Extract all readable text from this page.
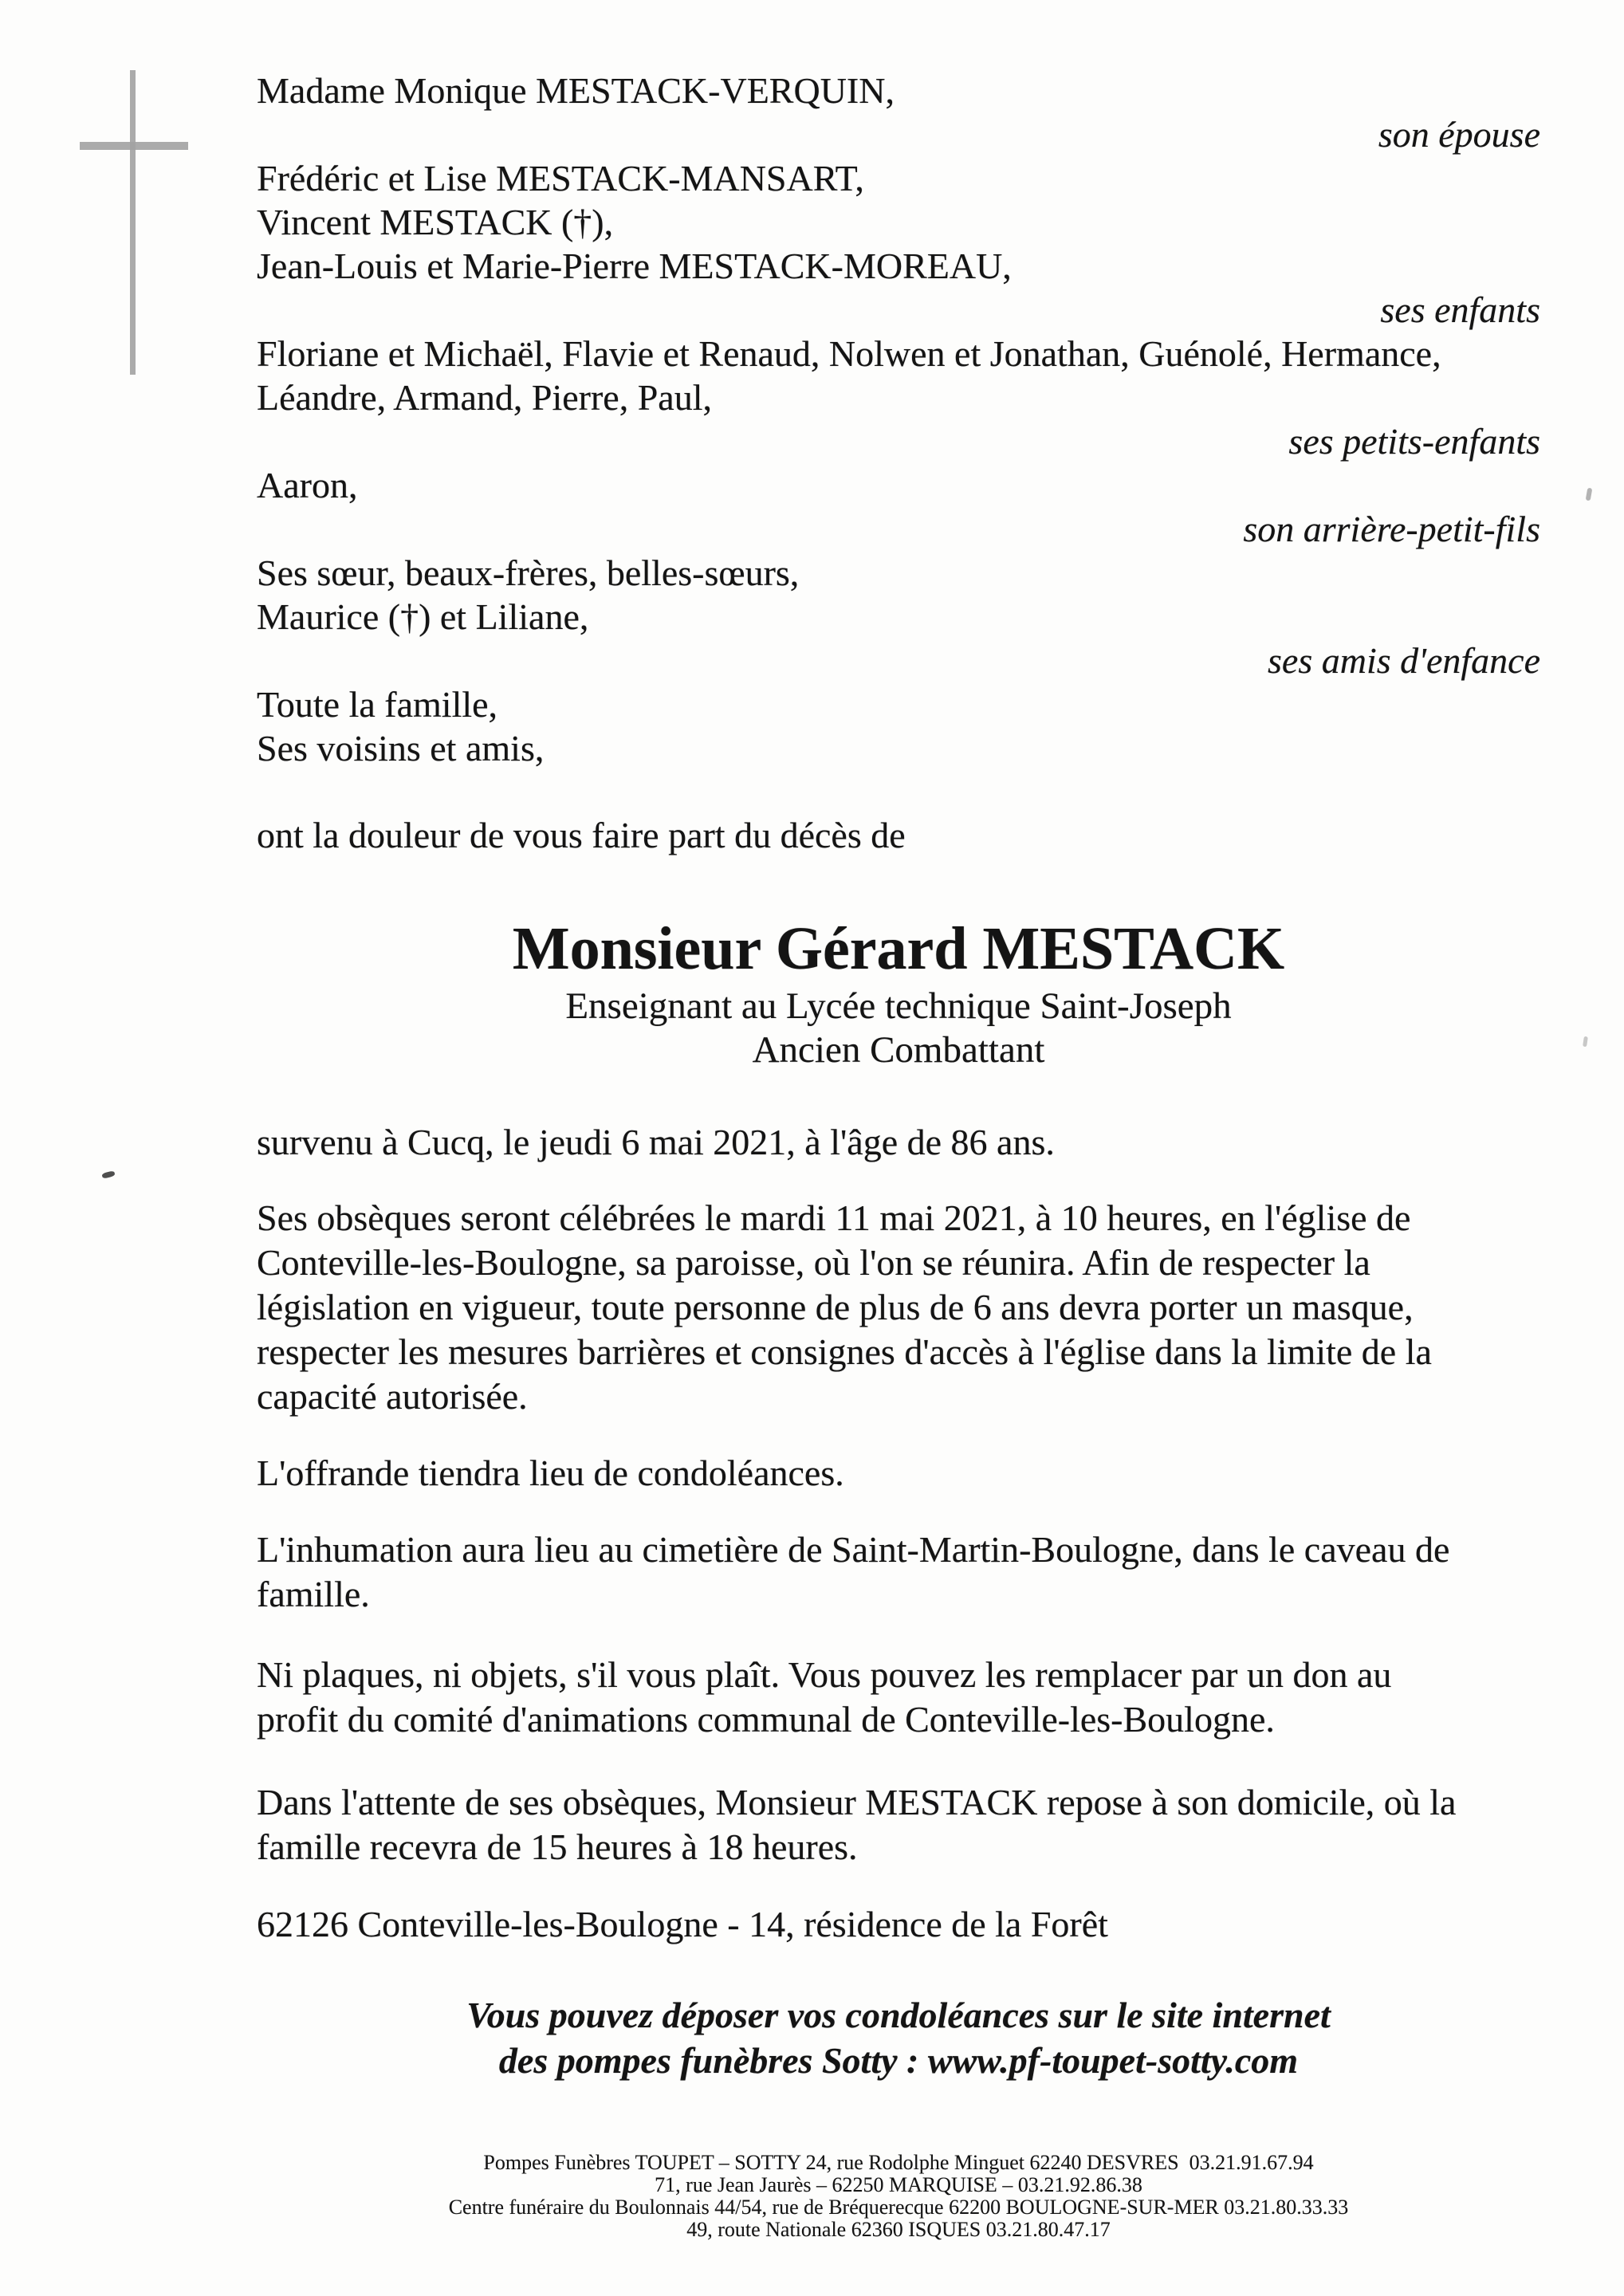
Madame Monique MESTACK-VERQUIN,
son épouse
Frédéric et Lise MESTACK-MANSART,
Vincent MESTACK (†),
Jean-Louis et Marie-Pierre MESTACK-MOREAU,
ses enfants
Floriane et Michaël, Flavie et Renaud, Nolwen et Jonathan, Guénolé, Hermance,
Léandre, Armand, Pierre, Paul,
ses petits-enfants
Aaron,
son arrière-petit-fils
Ses sœur, beaux-frères, belles-sœurs,
Maurice (†) et Liliane,
ses amis d'enfance
Toute la famille,
Ses voisins et amis,
ont la douleur de vous faire part du décès de
Monsieur Gérard MESTACK
Enseignant au Lycée technique Saint-Joseph
Ancien Combattant
survenu à Cucq, le jeudi 6 mai 2021, à l'âge de 86 ans.
Ses obsèques seront célébrées le mardi 11 mai 2021, à 10 heures, en l'église de
Conteville-les-Boulogne, sa paroisse, où l'on se réunira. Afin de respecter la
législation en vigueur, toute personne de plus de 6 ans devra porter un masque,
respecter les mesures barrières et consignes d'accès à l'église dans la limite de la
capacité autorisée.
L'offrande tiendra lieu de condoléances.
L'inhumation aura lieu au cimetière de Saint-Martin-Boulogne, dans le caveau de
famille.
Ni plaques, ni objets, s'il vous plaît. Vous pouvez les remplacer par un don au
profit du comité d'animations communal de Conteville-les-Boulogne.
Dans l'attente de ses obsèques, Monsieur MESTACK repose à son domicile, où la
famille recevra de 15 heures à 18 heures.
62126 Conteville-les-Boulogne - 14, résidence de la Forêt
Vous pouvez déposer vos condoléances sur le site internet
des pompes funèbres Sotty : www.pf-toupet-sotty.com
Pompes Funèbres TOUPET – SOTTY 24, rue Rodolphe Minguet 62240 DESVRES  03.21.91.67.94
71, rue Jean Jaurès – 62250 MARQUISE – 03.21.92.86.38
Centre funéraire du Boulonnais 44/54, rue de Bréquerecque 62200 BOULOGNE-SUR-MER 03.21.80.33.33
49, route Nationale 62360 ISQUES 03.21.80.47.17
